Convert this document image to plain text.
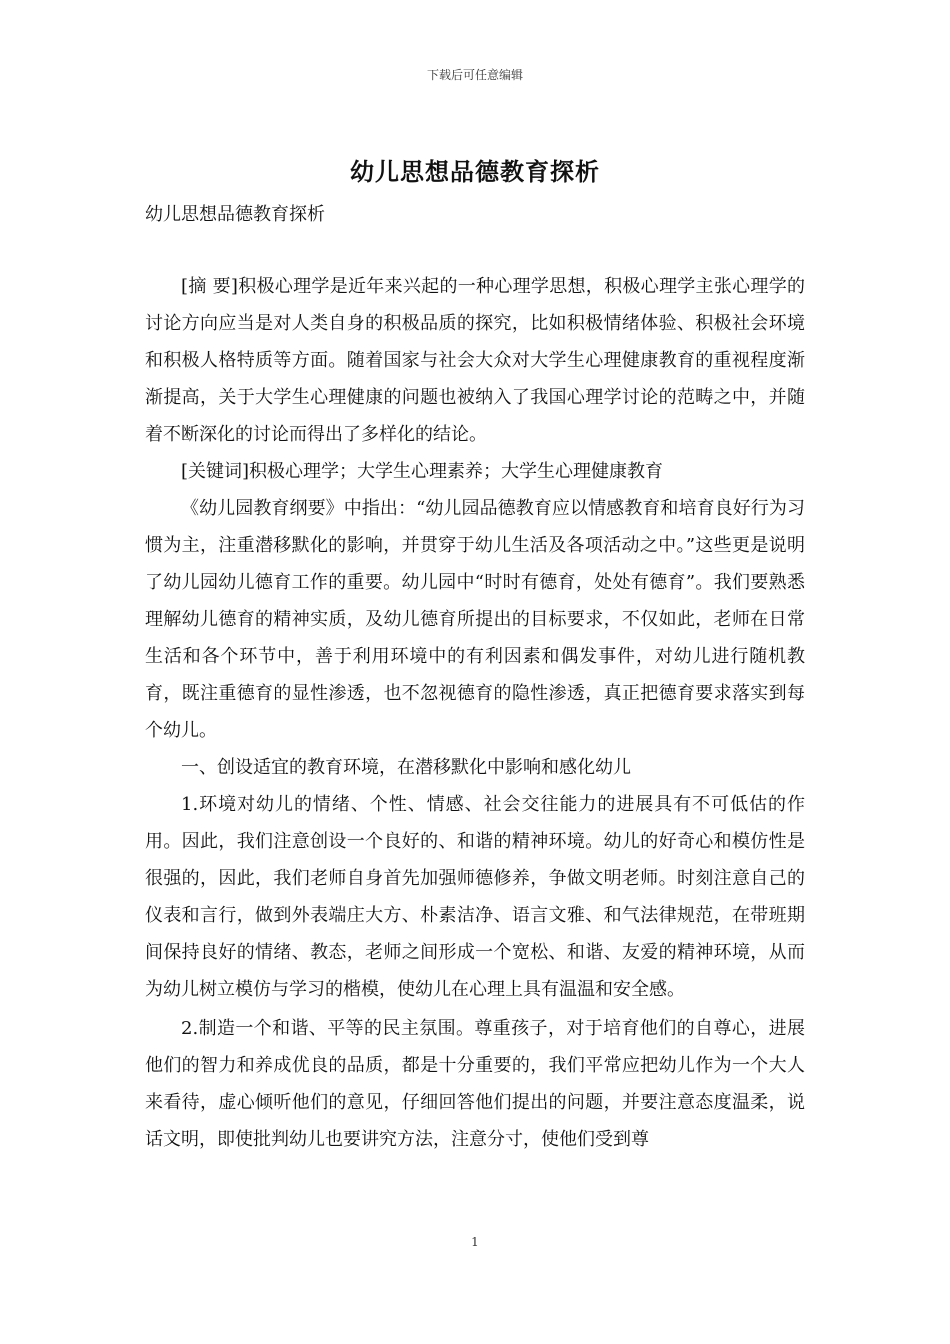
下载后可任意编辑
幼儿思想品德教育探析
幼儿思想品德教育探析

[摘 要]积极心理学是近年来兴起的一种心理学思想，积极心理学主张心理学的讨论方向应当是对人类自身的积极品质的探究，比如积极情绪体验、积极社会环境和积极人格特质等方面。随着国家与社会大众对大学生心理健康教育的重视程度渐渐提高，关于大学生心理健康的问题也被纳入了我国心理学讨论的范畴之中，并随着不断深化的讨论而得出了多样化的结论。

[关键词]积极心理学；大学生心理素养；大学生心理健康教育

《幼儿园教育纲要》中指出：“幼儿园品德教育应以情感教育和培育良好行为习惯为主，注重潜移默化的影响，并贯穿于幼儿生活及各项活动之中。”这些更是说明了幼儿园幼儿德育工作的重要。幼儿园中“时时有德育，处处有德育”。我们要熟悉理解幼儿德育的精神实质，及幼儿德育所提出的目标要求，不仅如此，老师在日常生活和各个环节中，善于利用环境中的有利因素和偶发事件，对幼儿进行随机教育，既注重德育的显性渗透，也不忽视德育的隐性渗透，真正把德育要求落实到每个幼儿。

一、创设适宜的教育环境，在潜移默化中影响和感化幼儿

1.环境对幼儿的情绪、个性、情感、社会交往能力的进展具有不可低估的作用。因此，我们注意创设一个良好的、和谐的精神环境。幼儿的好奇心和模仿性是很强的，因此，我们老师自身首先加强师德修养，争做文明老师。时刻注意自己的仪表和言行，做到外表端庄大方、朴素洁净、语言文雅、和气法律规范，在带班期间保持良好的情绪、教态，老师之间形成一个宽松、和谐、友爱的精神环境，从而为幼儿树立模仿与学习的楷模，使幼儿在心理上具有温温和安全感。

2.制造一个和谐、平等的民主氛围。尊重孩子，对于培育他们的自尊心，进展他们的智力和养成优良的品质，都是十分重要的，我们平常应把幼儿作为一个大人来看待，虚心倾听他们的意见，仔细回答他们提出的问题，并要注意态度温柔，说话文明，即使批判幼儿也要讲究方法，注意分寸，使他们受到尊

1
